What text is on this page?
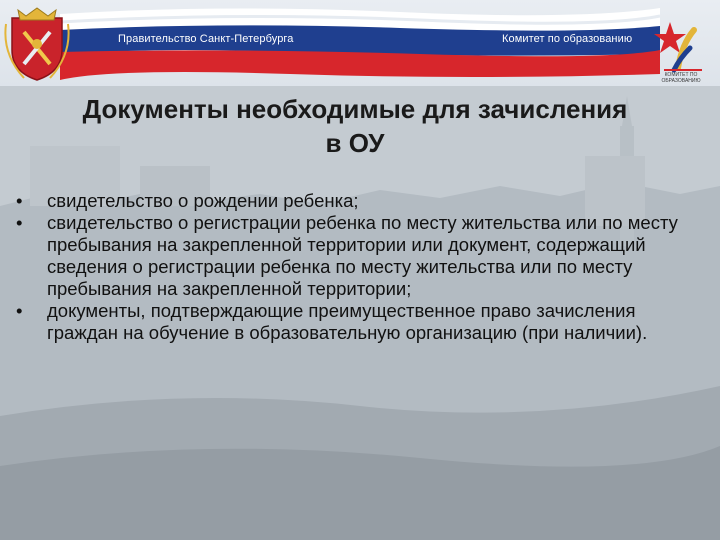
Правительство Санкт-Петербурга	Комитет по образованию
КОМИТЕТ ПО ОБРАЗОВАНИЮ
Документы необходимые для зачисления
в ОУ
• свидетельство о рождении ребенка;
• свидетельство о регистрации ребенка по месту жительства или по месту пребывания на закрепленной территории или документ, содержащий сведения о регистрации ребенка по месту жительства или по месту пребывания на закрепленной территории;
• документы, подтверждающие преимущественное право зачисления граждан на обучение в образовательную организацию (при наличии).
